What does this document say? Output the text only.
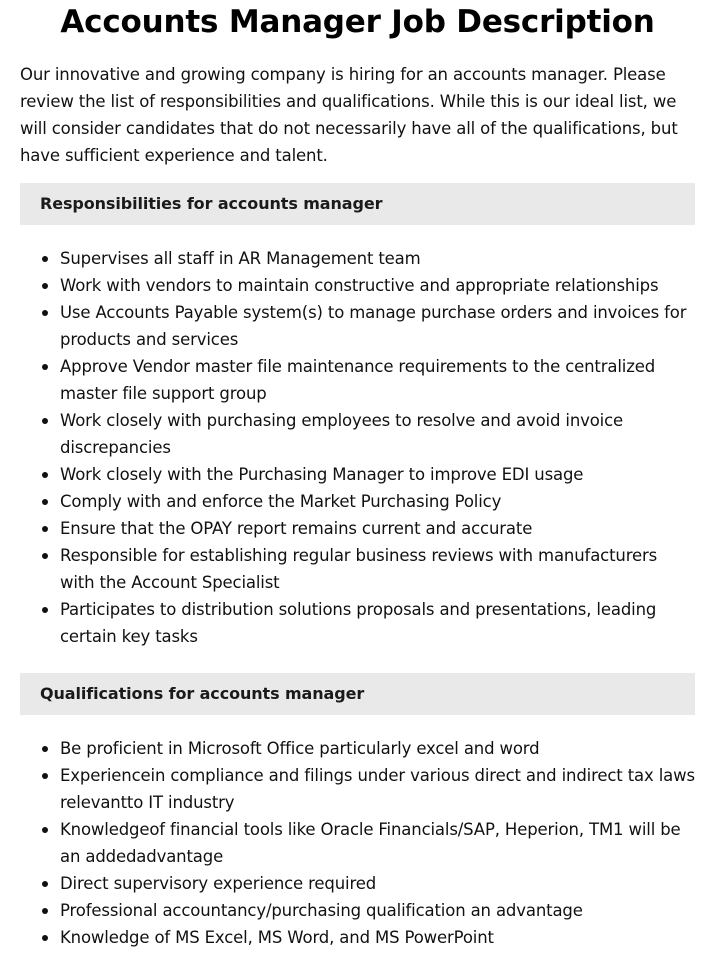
Accounts Manager Job Description

Our innovative and growing company is hiring for an accounts manager. Please review the list of responsibilities and qualifications. While this is our ideal list, we will consider candidates that do not necessarily have all of the qualifications, but have sufficient experience and talent.

Responsibilities for accounts manager
Supervises all staff in AR Management team
Work with vendors to maintain constructive and appropriate relationships
Use Accounts Payable system(s) to manage purchase orders and invoices for products and services
Approve Vendor master file maintenance requirements to the centralized master file support group
Work closely with purchasing employees to resolve and avoid invoice discrepancies
Work closely with the Purchasing Manager to improve EDI usage
Comply with and enforce the Market Purchasing Policy
Ensure that the OPAY report remains current and accurate
Responsible for establishing regular business reviews with manufacturers with the Account Specialist
Participates to distribution solutions proposals and presentations, leading certain key tasks
Qualifications for accounts manager
Be proficient in Microsoft Office particularly excel and word
Experiencein compliance and filings under various direct and indirect tax laws relevantto IT industry
Knowledgeof financial tools like Oracle Financials/SAP, Heperion, TM1 will be an addedadvantage
Direct supervisory experience required
Professional accountancy/purchasing qualification an advantage
Knowledge of MS Excel, MS Word, and MS PowerPoint
